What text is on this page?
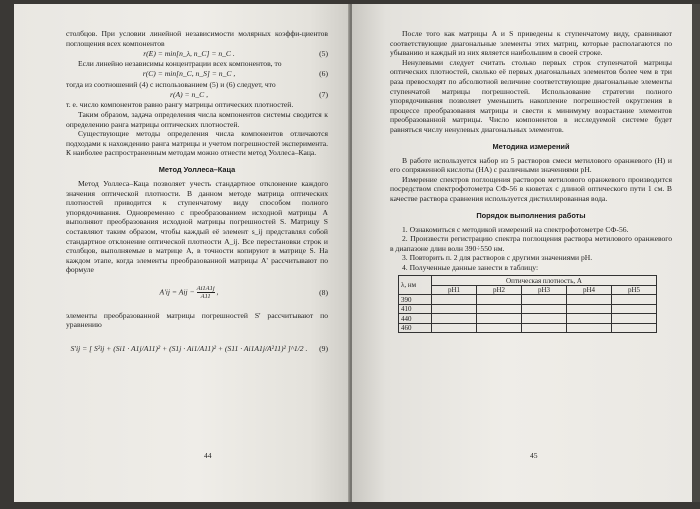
столбцов. При условии линейной независимости молярных коэффи-циентов поглощения всех компонентов

r(E) = min[n_λ, n_C] = n_C .	(5)

Если линейно независимы концентрации всех компонентов, то

r(C) = min[n_C, n_S] = n_C ,	(6)

тогда из соотношений (4) с использованием (5) и (6) следует, что

r(A) = n_C ,	(7)

т. е. число компонентов равно рангу матрицы оптических плотностей.

Таким образом, задача определения числа компонентов системы сводится к определению ранга матрицы оптических плотностей.

Существующие методы определения числа компонентов отличаются подходами к нахождению ранга матрицы и учетом погрешностей эксперимента. К наиболее распространенным методам можно отнести метод Уоллеса–Каца.

Метод Уоллеса–Каца

Метод Уоллеса–Каца позволяет учесть стандартное отклонение каждого значения оптической плотности. В данном методе матрица оптических плотностей приводится к ступенчатому виду способом полного упорядочивания. Одновременно с преобразованием исходной матрицы A выполняют преобразования исходной матрицы погрешностей S. Матрицу S составляют таким образом, чтобы каждый её элемент s_ij представлял собой стандартное отклонение оптической плотности A_ij. Все перестановки строк и столбцов, выполняемые в матрице A, в точности копируют в матрице S. На каждом этапе, когда элементы преобразованной матрицы A' рассчитывают по формуле

A'ij = Aij − $\frac{Ai1A1j}{A11}$ ,	(8)

элементы преобразованной матрицы погрешностей S' рассчитывают по уравнению

S'ij = [ S²ij + (Si1 · A1j/A11)² + (S1j · Ai1/A11)² + (S11 · Ai1A1j/A²11)² ]^1/2 .	(9)
44

После того как матрицы A и S приведены к ступенчатому виду, сравнивают соответствующие диагональные элементы этих матриц, которые располагаются по убыванию и каждый из них является наибольшим в своей строке.

Ненулевыми следует считать столько первых строк ступенчатой матрицы оптических плотностей, сколько её первых диагональных элементов более чем в три раза превосходят по абсолютной величине соответствующие диагональные элементы ступенчатой матрицы погрешностей. Использование стратегии полного упорядочивания позволяет уменьшить накопление погрешностей округления в процессе преобразования матрицы и свести к минимуму возрастание элементов преобразованной матрицы. Число компонентов в исследуемой системе будет равняться числу ненулевых диагональных элементов.

Методика измерений

В работе используется набор из 5 растворов смеси метилового оранжевого (H) и его сопряженной кислоты (HA) с различными значениями pH.

Измерение спектров поглощения растворов метилового оранжевого производится посредством спектрофотометра СФ-56 в кюветах с длиной оптического пути 1 см. В качестве раствора сравнения используется дистиллированная вода.

Порядок выполнения работы

1. Ознакомиться с методикой измерений на спектрофотометре СФ-56.

2. Произвести регистрацию спектра поглощения раствора метилового оранжевого в диапазоне длин волн 390÷550 нм.

3. Повторить п. 2 для растворов с другими значениями pH.

4. Полученные данные занести в таблицу:

λ, нм	Оптическая плотность, A				
	pH1	pH2	pH3	pH4	pH5
390					
410					
440					
460					
45
